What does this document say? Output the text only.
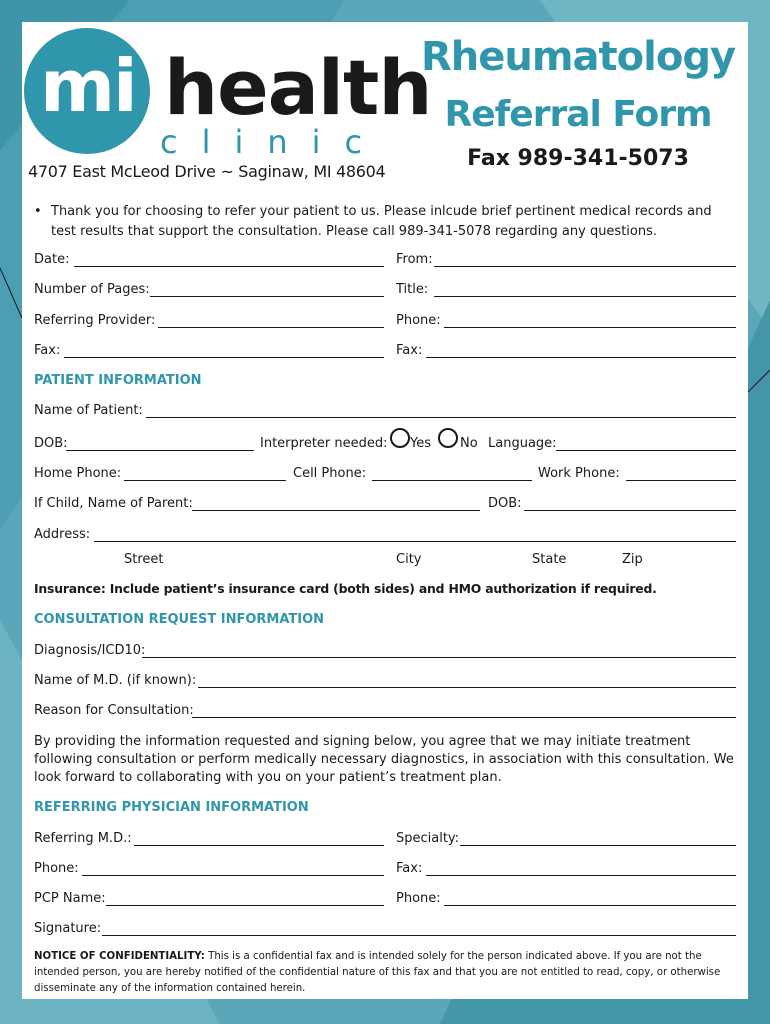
mi health
clinic
4707 East McLeod Drive ~ Saginaw, MI 48604
Rheumatology
Referral Form
Fax 989-341-5073
• Thank you for choosing to refer your patient to us. Please inlcude brief pertinent medical records and test results that support the consultation. Please call 989-341-5078 regarding any questions.
Date:	From:
Number of Pages:	Title:
Referring Provider:	Phone:
Fax:	Fax:
PATIENT INFORMATION
Name of Patient:
DOB:	Interpreter needed: Yes No Language:
Home Phone:	Cell Phone:	Work Phone:
If Child, Name of Parent:	DOB:
Address:
Street	City	State	Zip
Insurance: Include patient’s insurance card (both sides) and HMO authorization if required.
CONSULTATION REQUEST INFORMATION
Diagnosis/ICD10:
Name of M.D. (if known):
Reason for Consultation:
By providing the information requested and signing below, you agree that we may initiate treatment following consultation or perform medically necessary diagnostics, in association with this consultation. We look forward to collaborating with you on your patient’s treatment plan.
REFERRING PHYSICIAN INFORMATION
Referring M.D.:	Specialty:
Phone:	Fax:
PCP Name:	Phone:
Signature:
NOTICE OF CONFIDENTIALITY: This is a confidential fax and is intended solely for the person indicated above. If you are not the intended person, you are hereby notified of the confidential nature of this fax and that you are not entitled to read, copy, or otherwise disseminate any of the information contained herein.
